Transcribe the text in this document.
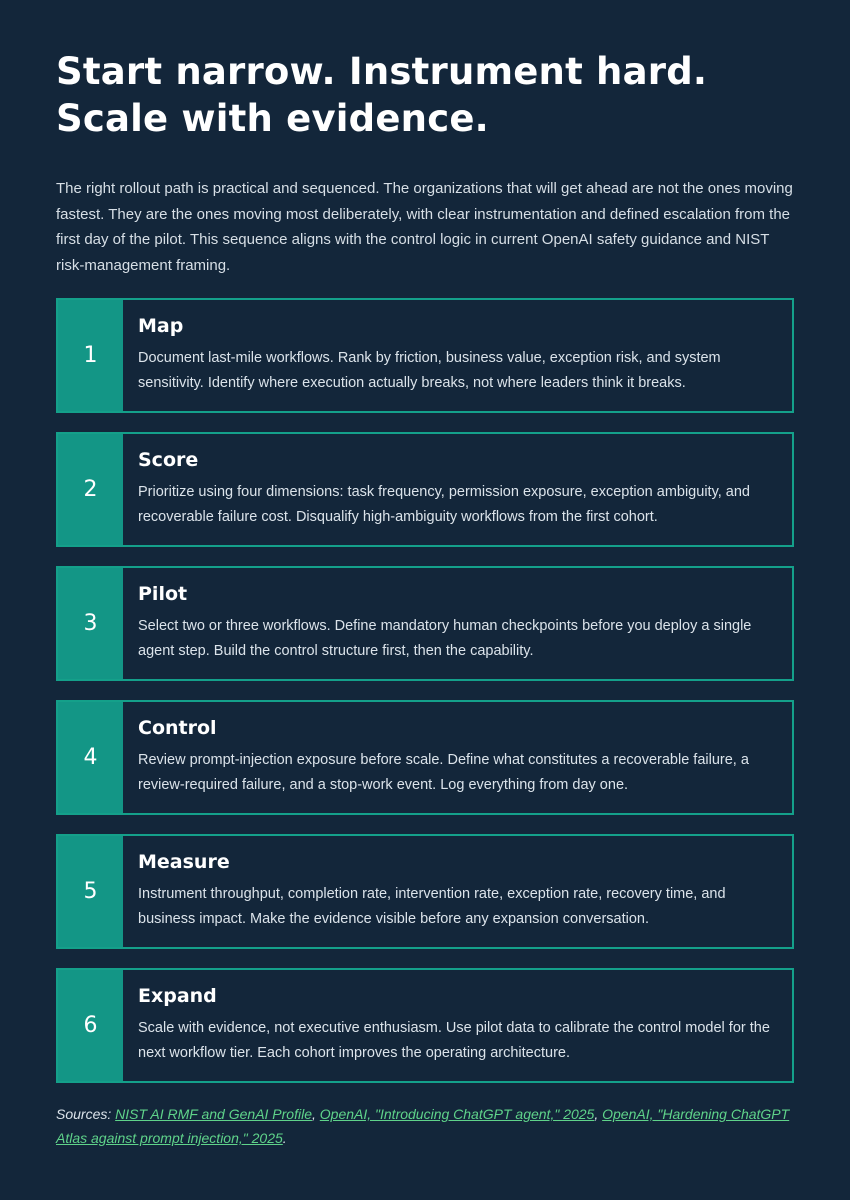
Start narrow. Instrument hard.
Scale with evidence.

The right rollout path is practical and sequenced. The organizations that will get ahead are not the ones moving fastest. They are the ones moving most deliberately, with clear instrumentation and defined escalation from the first day of the pilot. This sequence aligns with the control logic in current OpenAI safety guidance and NIST risk-management framing.

1
Map

Document last-mile workflows. Rank by friction, business value, exception risk, and system sensitivity. Identify where execution actually breaks, not where leaders think it breaks.

2
Score

Prioritize using four dimensions: task frequency, permission exposure, exception ambiguity, and recoverable failure cost. Disqualify high-ambiguity workflows from the first cohort.

3
Pilot

Select two or three workflows. Define mandatory human checkpoints before you deploy a single agent step. Build the control structure first, then the capability.

4
Control

Review prompt-injection exposure before scale. Define what constitutes a recoverable failure, a review-required failure, and a stop-work event. Log everything from day one.

5
Measure

Instrument throughput, completion rate, intervention rate, exception rate, recovery time, and business impact. Make the evidence visible before any expansion conversation.

6
Expand

Scale with evidence, not executive enthusiasm. Use pilot data to calibrate the control model for the next workflow tier. Each cohort improves the operating architecture.

Sources: NIST AI RMF and GenAI Profile, OpenAI, "Introducing ChatGPT agent," 2025, OpenAI, "Hardening ChatGPT Atlas against prompt injection," 2025.
